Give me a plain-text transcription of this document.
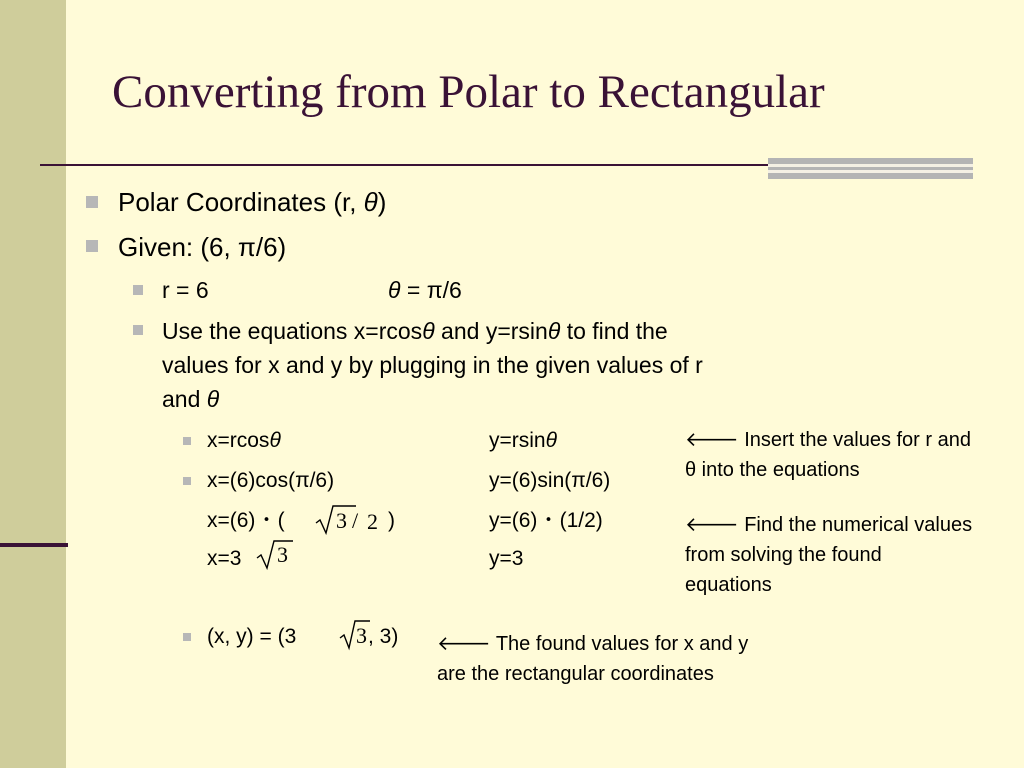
Converting from Polar to Rectangular
Polar Coordinates (r, θ)
Given: (6, π/6)
r = 6	θ = π/6
Use the equations x=rcosθ and y=rsinθ to find the
values for x and y by plugging in the given values of r
and θ
x=rcosθ	y=rsinθ
x=(6)cos(π/6)	y=(6)sin(π/6)
x=(6) ･ ( 3 / 2 )	y=(6) ･ (1/2)
x=3 3	y=3
(x, y) = (3	3 , 3)
🡐 Insert the values for r and
θ into the equations
🡐 Find the numerical values
from solving the found
equations
🡐 The found values for x and y
are the rectangular coordinates
